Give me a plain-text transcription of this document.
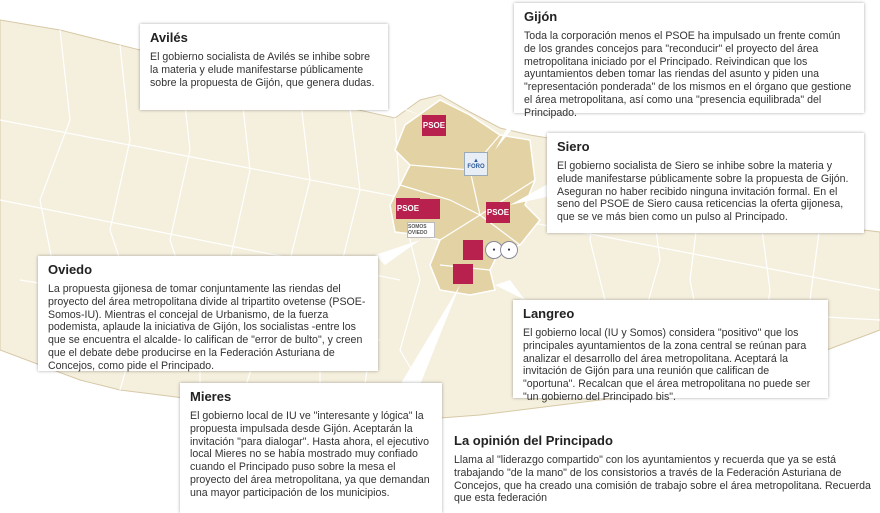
PSOE
▲
FORO
PSOE
SOMOS OVIEDO
PSOE
●	●
Avilés

El gobierno socialista de Avilés se inhibe sobre la materia y elude manifestarse públicamente sobre la propuesta de Gijón, que genera dudas.

Gijón

Toda la corporación menos el PSOE ha impulsado un frente común de los grandes concejos para "reconducir" el proyecto del área metropolitana iniciado por el Principado. Reivindican que los ayuntamientos deben tomar las riendas del asunto y piden una "representación ponderada" de los mismos en el órgano que gestione el área metropolitana, así como una "presencia equilibrada" del Principado.

Siero

El gobierno socialista de Siero se inhibe sobre la materia y elude manifestarse públicamente sobre la propuesta de Gijón. Aseguran no haber recibido ninguna invitación formal. En el seno del PSOE de Siero causa reticencias la oferta gijonesa, que se ve más bien como un pulso al Principado.

Oviedo

La propuesta gijonesa de tomar conjuntamente las riendas del proyecto del área metropolitana divide al tripartito ovetense (PSOE-Somos-IU). Mientras el concejal de Urbanismo, de la fuerza podemista, aplaude la iniciativa de Gijón, los socialistas -entre los que se encuentra el alcalde- lo califican de "error de bulto", y creen que el debate debe producirse en la Federación Asturiana de Concejos, como pide el Principado.

Langreo

El gobierno local (IU y Somos) considera "positivo" que los principales ayuntamientos de la zona central se reúnan para analizar el desarrollo del área metropolitana. Aceptará la invitación de Gijón para una reunión que califican de "oportuna". Recalcan que el área metropolitana no puede ser "un gobierno del Principado bis".

Mieres

El gobierno local de IU ve "interesante y lógica" la propuesta impulsada desde Gijón. Aceptarán la invitación "para dialogar". Hasta ahora, el ejecutivo local Mieres no se había mostrado muy confiado cuando el Principado puso sobre la mesa el proyecto del área metropolitana, ya que demandan una mayor participación de los municipios.

La opinión del Principado

Llama al "liderazgo compartido" con los ayuntamientos y recuerda que ya se está trabajando "de la mano" de los consistorios a través de la Federación Asturiana de Concejos, que ha creado una comisión de trabajo sobre el área metropolitana. Recuerda que esta federación
